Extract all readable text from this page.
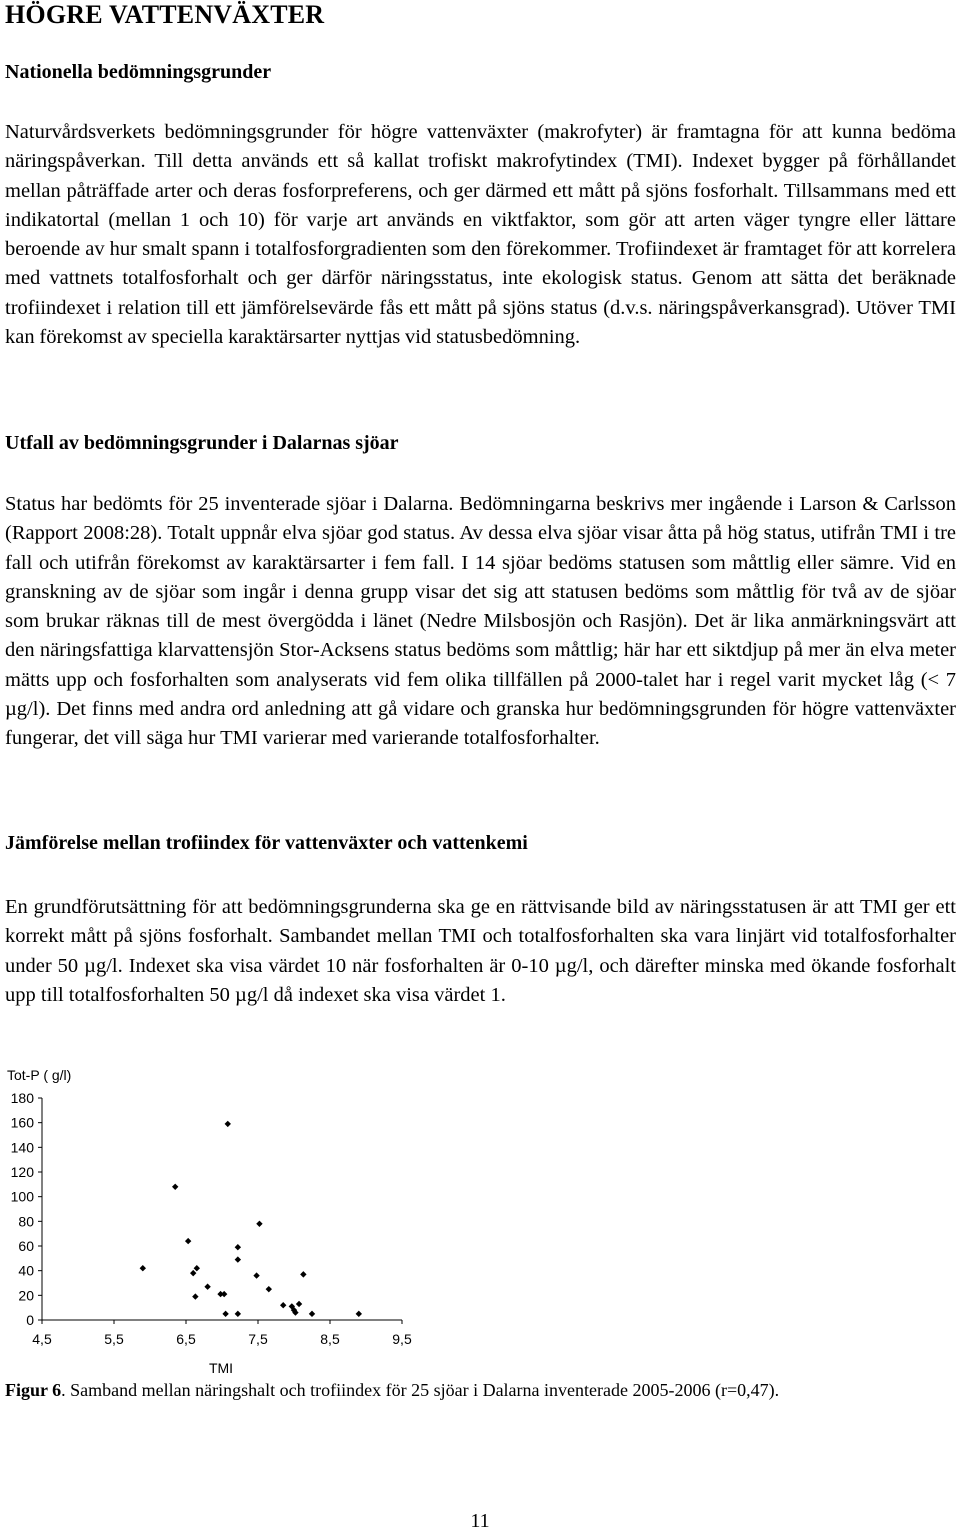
HÖGRE VATTENVÄXTER
Nationella bedömningsgrunder

Naturvårdsverkets bedömningsgrunder för högre vattenväxter (makrofyter) är framtagna för att kunna bedöma näringspåverkan. Till detta används ett så kallat trofiskt makrofytindex (TMI). Indexet bygger på förhållandet mellan påträffade arter och deras fosforpreferens, och ger därmed ett mått på sjöns fosforhalt. Tillsammans med ett indikatortal (mellan 1 och 10) för varje art används en viktfaktor, som gör att arten väger tyngre eller lättare beroende av hur smalt spann i totalfosforgradienten som den förekommer. Trofiindexet är framtaget för att korrelera med vattnets totalfosforhalt och ger därför näringsstatus, inte ekologisk status. Genom att sätta det beräknade trofiindexet i relation till ett jämförelsevärde fås ett mått på sjöns status (d.v.s. näringspåverkansgrad). Utöver TMI kan förekomst av speciella karaktärsarter nyttjas vid statusbedömning.

Utfall av bedömningsgrunder i Dalarnas sjöar

Status har bedömts för 25 inventerade sjöar i Dalarna. Bedömningarna beskrivs mer ingående i Larson & Carlsson (Rapport 2008:28). Totalt uppnår elva sjöar god status. Av dessa elva sjöar visar åtta på hög status, utifrån TMI i tre fall och utifrån förekomst av karaktärsarter i fem fall. I 14 sjöar bedöms statusen som måttlig eller sämre. Vid en granskning av de sjöar som ingår i denna grupp visar det sig att statusen bedöms som måttlig för två av de sjöar som brukar räknas till de mest övergödda i länet (Nedre Milsbosjön och Rasjön). Det är lika anmärkningsvärt att den näringsfattiga klarvattensjön Stor-Acksens status bedöms som måttlig; här har ett siktdjup på mer än elva meter mätts upp och fosforhalten som analyserats vid fem olika tillfällen på 2000-talet har i regel varit mycket låg (< 7 µg/l). Det finns med andra ord anledning att gå vidare och granska hur bedömningsgrunden för högre vattenväxter fungerar, det vill säga hur TMI varierar med varierande totalfosforhalter.

Jämförelse mellan trofiindex för vattenväxter och vattenkemi

En grundförutsättning för att bedömningsgrunderna ska ge en rättvisande bild av näringsstatusen är att TMI ger ett korrekt mått på sjöns fosforhalt. Sambandet mellan TMI och totalfosforhalten ska vara linjärt vid totalfosforhalter under 50 µg/l. Indexet ska visa värdet 10 när fosforhalten är 0-10 µg/l, och därefter minska med ökande fosforhalt upp till totalfosforhalten 50 µg/l då indexet ska visa värdet 1.

Tot-P ( g/l)
TMI
0
20
40
60
80
100
120
140
160
180
4,5	5,5	6,5	7,5	8,5	9,5

Figur 6. Samband mellan näringshalt och trofiindex för 25 sjöar i Dalarna inventerade 2005-2006 (r=0,47).

11
